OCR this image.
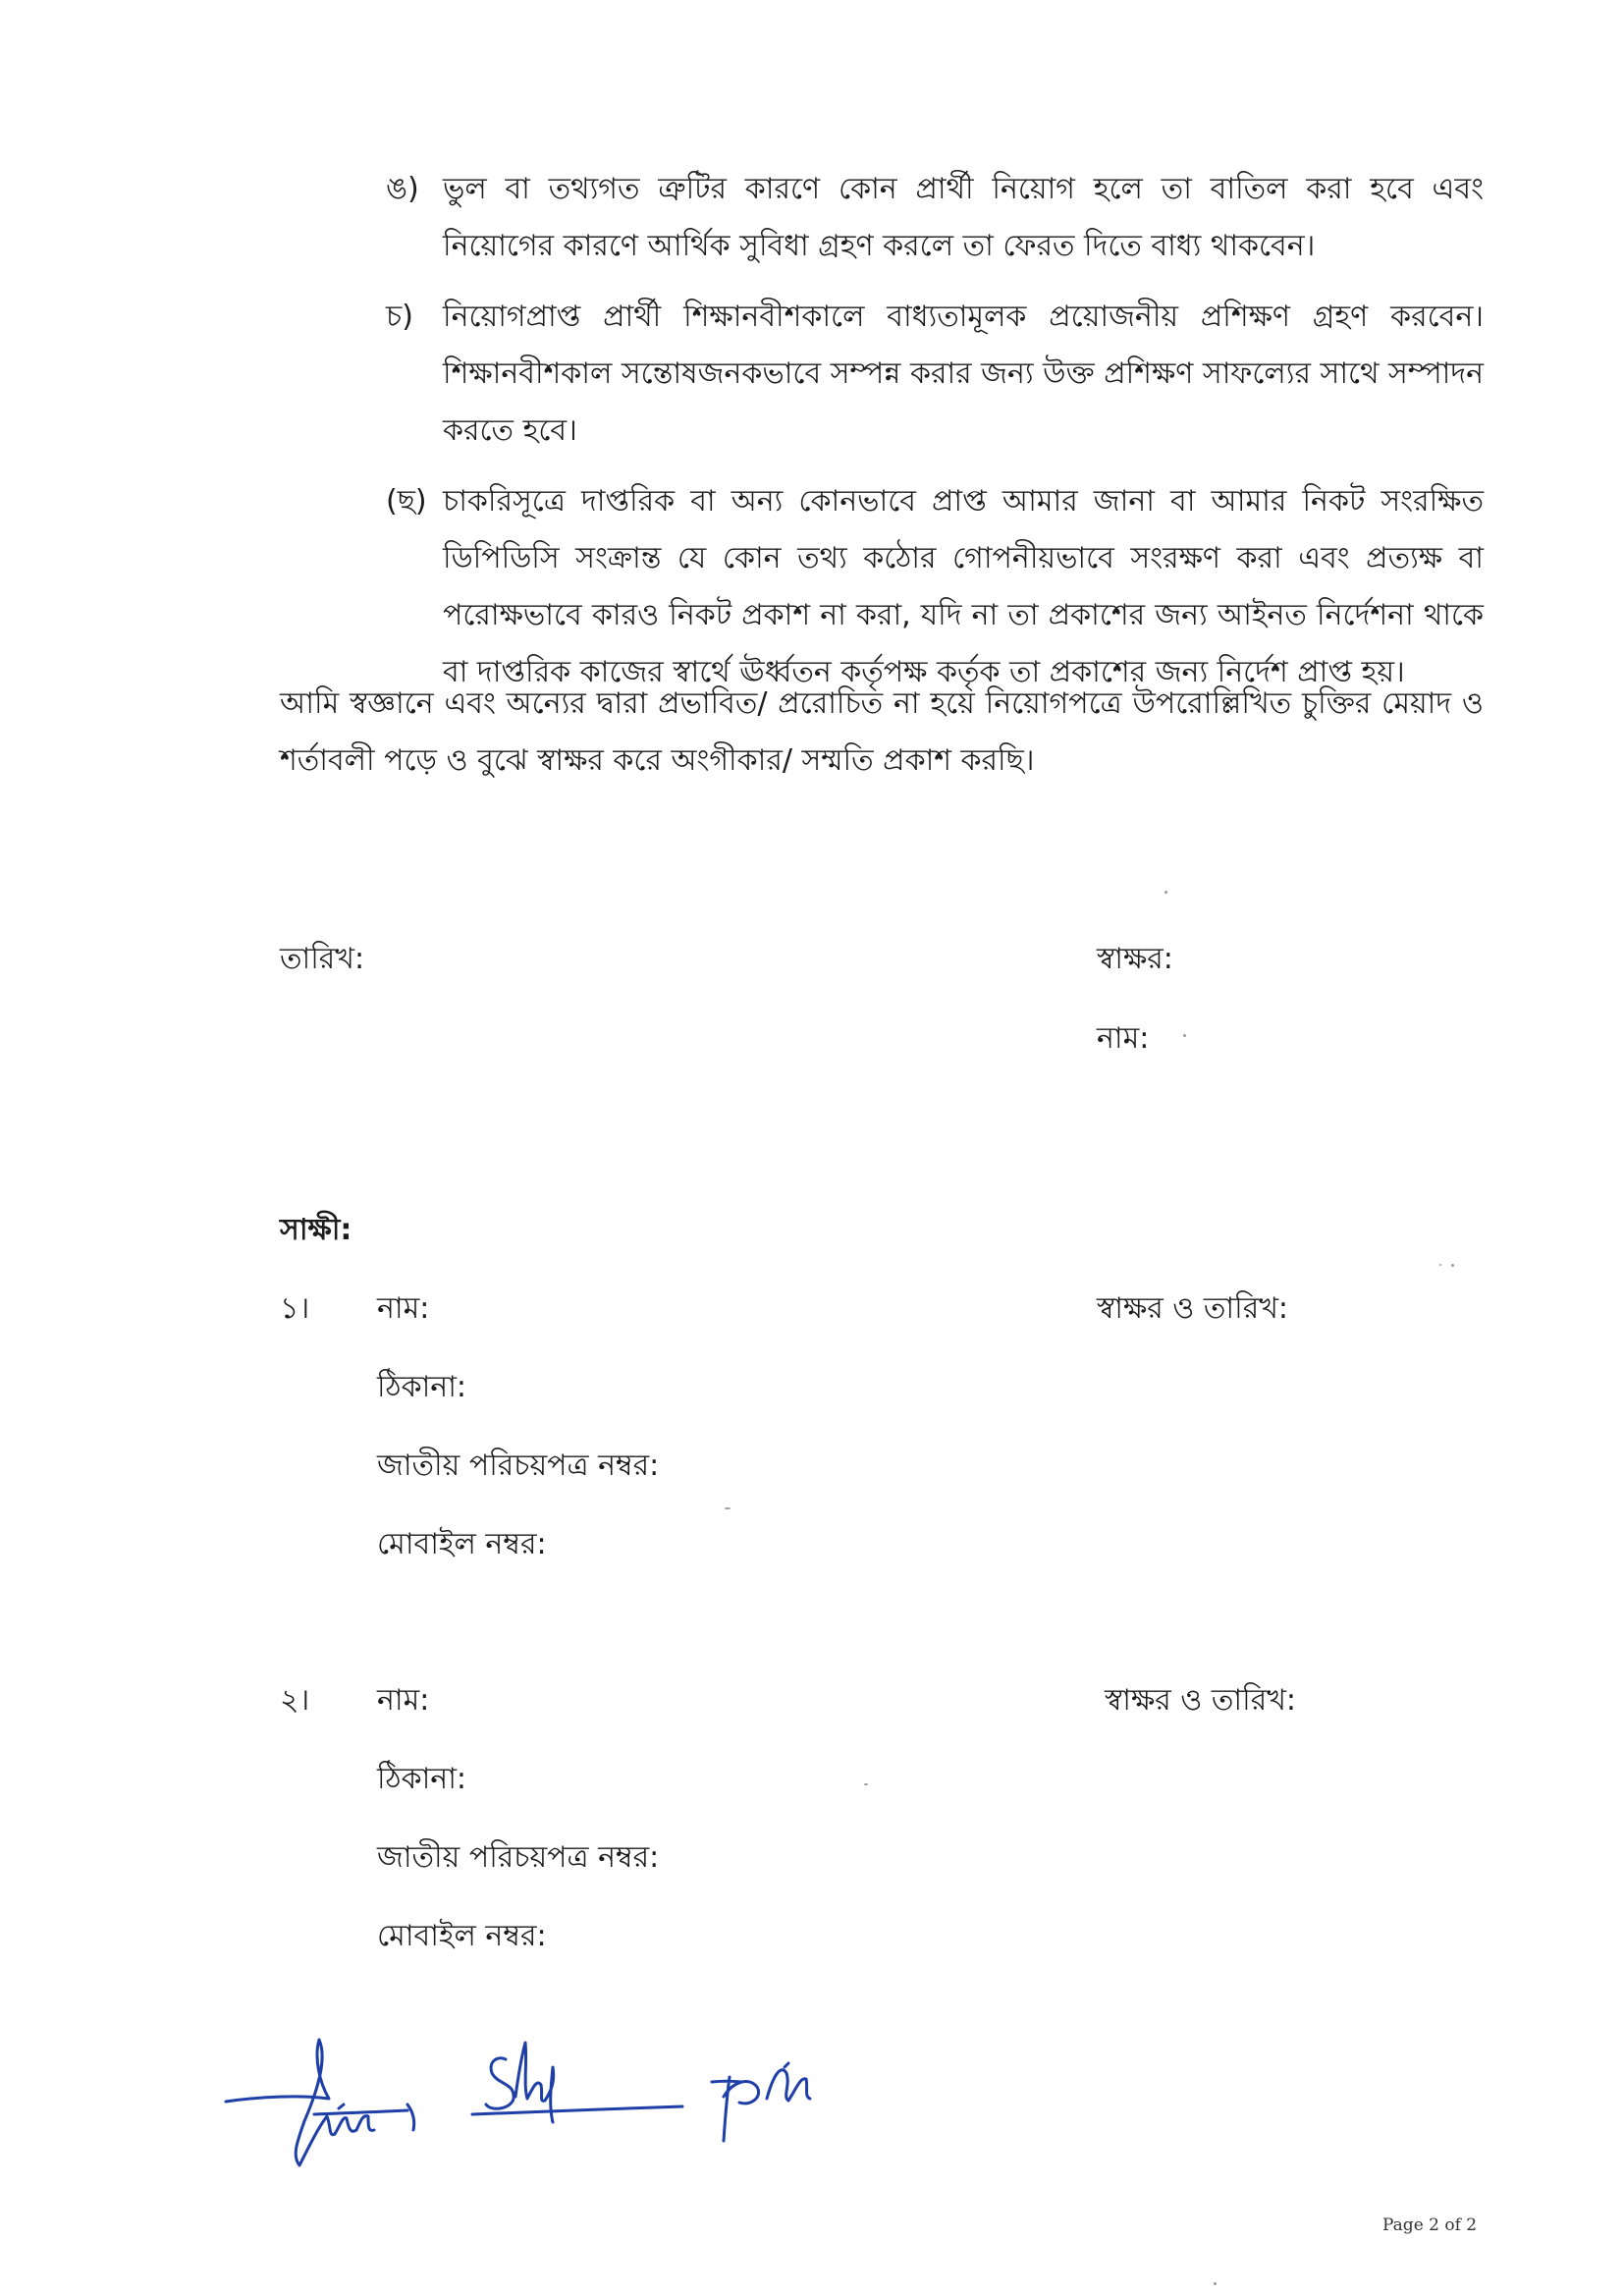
ঙ) ভুল বা তথ্যগত ত্রুটির কারণে কোন প্রার্থী নিয়োগ হলে তা বাতিল করা হবে এবং নিয়োগের কারণে আর্থিক সুবিধা গ্রহণ করলে তা ফেরত দিতে বাধ্য থাকবেন।
চ) নিয়োগপ্রাপ্ত প্রার্থী শিক্ষানবীশকালে বাধ্যতামূলক প্রয়োজনীয় প্রশিক্ষণ গ্রহণ করবেন। শিক্ষানবীশকাল সন্তোষজনকভাবে সম্পন্ন করার জন্য উক্ত প্রশিক্ষণ সাফল্যের সাথে সম্পাদন করতে হবে।
(ছ) চাকরিসূত্রে দাপ্তরিক বা অন্য কোনভাবে প্রাপ্ত আমার জানা বা আমার নিকট সংরক্ষিত ডিপিডিসি সংক্রান্ত যে কোন তথ্য কঠোর গোপনীয়ভাবে সংরক্ষণ করা এবং প্রত্যক্ষ বা পরোক্ষভাবে কারও নিকট প্রকাশ না করা, যদি না তা প্রকাশের জন্য আইনত নির্দেশনা থাকে বা দাপ্তরিক কাজের স্বার্থে ঊর্ধ্বতন কর্তৃপক্ষ কর্তৃক তা প্রকাশের জন্য নির্দেশ প্রাপ্ত হয়।
আমি স্বজ্ঞানে এবং অন্যের দ্বারা প্রভাবিত/ প্ররোচিত না হয়ে নিয়োগপত্রে উপরোল্লিখিত চুক্তির মেয়াদ ও শর্তাবলী পড়ে ও বুঝে স্বাক্ষর করে অংগীকার/ সম্মতি প্রকাশ করছি।
তারিখ:	স্বাক্ষর:
নাম:
সাক্ষী:
১। নাম:	স্বাক্ষর ও তারিখ:
ঠিকানা:
জাতীয় পরিচয়পত্র নম্বর:
মোবাইল নম্বর:
২। নাম:	স্বাক্ষর ও তারিখ:
ঠিকানা:
জাতীয় পরিচয়পত্র নম্বর:
মোবাইল নম্বর:
Page 2 of 2
